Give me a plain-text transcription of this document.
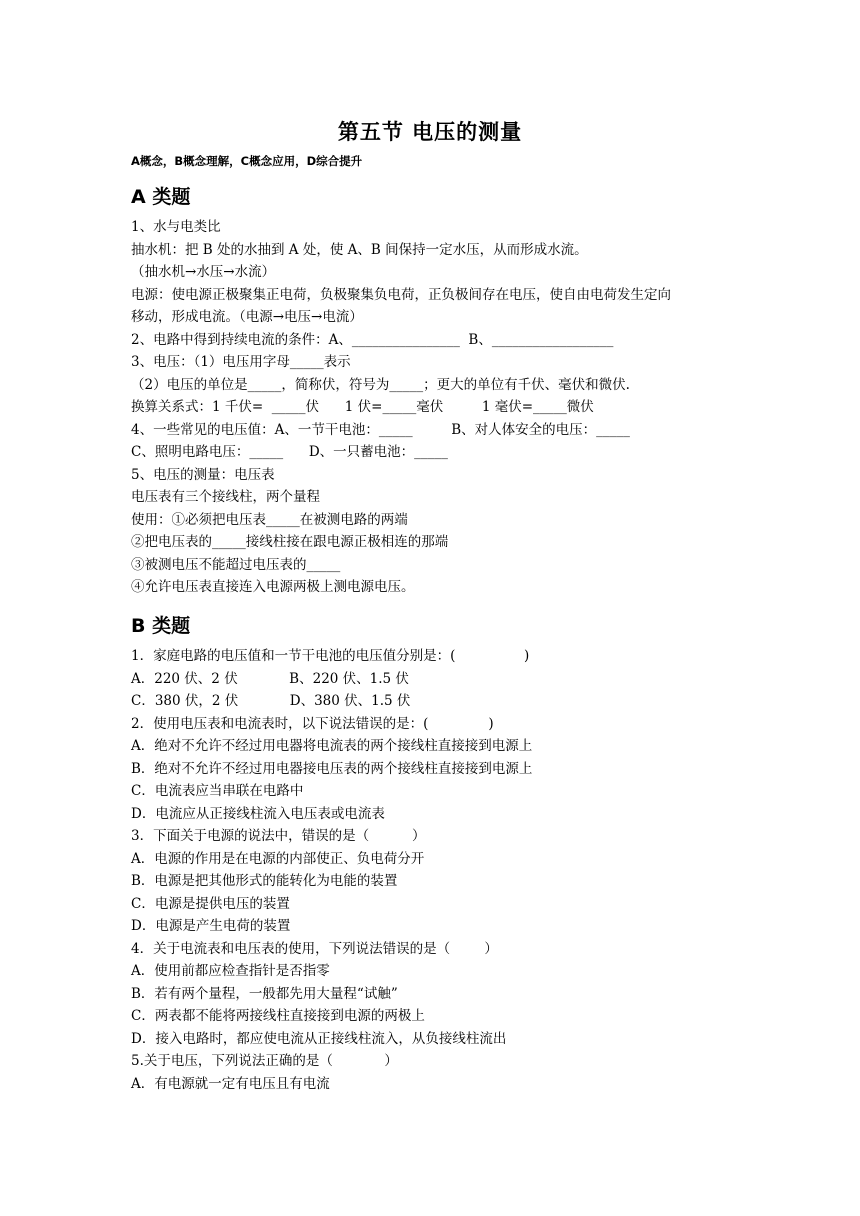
第五节 电压的测量
A概念，B概念理解，C概念应用，D综合提升
A 类题
1、水与电类比
抽水机：把 B 处的水抽到 A 处，使 A、B 间保持一定水压，从而形成水流。
（抽水机→水压→水流）
电源：使电源正极聚集正电荷，负极聚集负电荷，正负极间存在电压，使自由电荷发生定向
移动，形成电流。（电源→电压→电流）
2、电路中得到持续电流的条件：A、________________  B、__________________
3、电压：（1）电压用字母_____表示
（2）电压的单位是_____，简称伏，符号为_____；更大的单位有千伏、毫伏和微伏.
换算关系式：1 千伏=  _____伏      1 伏=_____毫伏         1 毫伏=_____微伏
4、一些常见的电压值：A、一节干电池：_____         B、对人体安全的电压：_____
C、照明电路电压：_____      D、一只蓄电池：_____
5、电压的测量：电压表
电压表有三个接线柱，两个量程
使用：①必须把电压表_____在被测电路的两端
②把电压表的_____接线柱接在跟电源正极相连的那端
③被测电压不能超过电压表的_____
④允许电压表直接连入电源两极上测电源电压。
B 类题
1．家庭电路的电压值和一节干电池的电压值分别是：(                )
A．220 伏、2 伏            B、220 伏、1.5 伏
C．380 伏，2 伏            D、380 伏、1.5 伏
2．使用电压表和电流表时，以下说法错误的是：(              )
A．绝对不允许不经过用电器将电流表的两个接线柱直接接到电源上
B．绝对不允许不经过用电器接电压表的两个接线柱直接接到电源上
C．电流表应当串联在电路中
D．电流应从正接线柱流入电压表或电流表
3．下面关于电源的说法中，错误的是（          ）
A．电源的作用是在电源的内部使正、负电荷分开
B．电源是把其他形式的能转化为电能的装置
C．电源是提供电压的装置
D．电源是产生电荷的装置
4．关于电流表和电压表的使用，下列说法错误的是（        ）
A．使用前都应检查指针是否指零
B．若有两个量程，一般都先用大量程“试触”
C．两表都不能将两接线柱直接接到电源的两极上
D．接入电路时，都应使电流从正接线柱流入，从负接线柱流出
5.关于电压，下列说法正确的是（            ）
A．有电源就一定有电压且有电流
